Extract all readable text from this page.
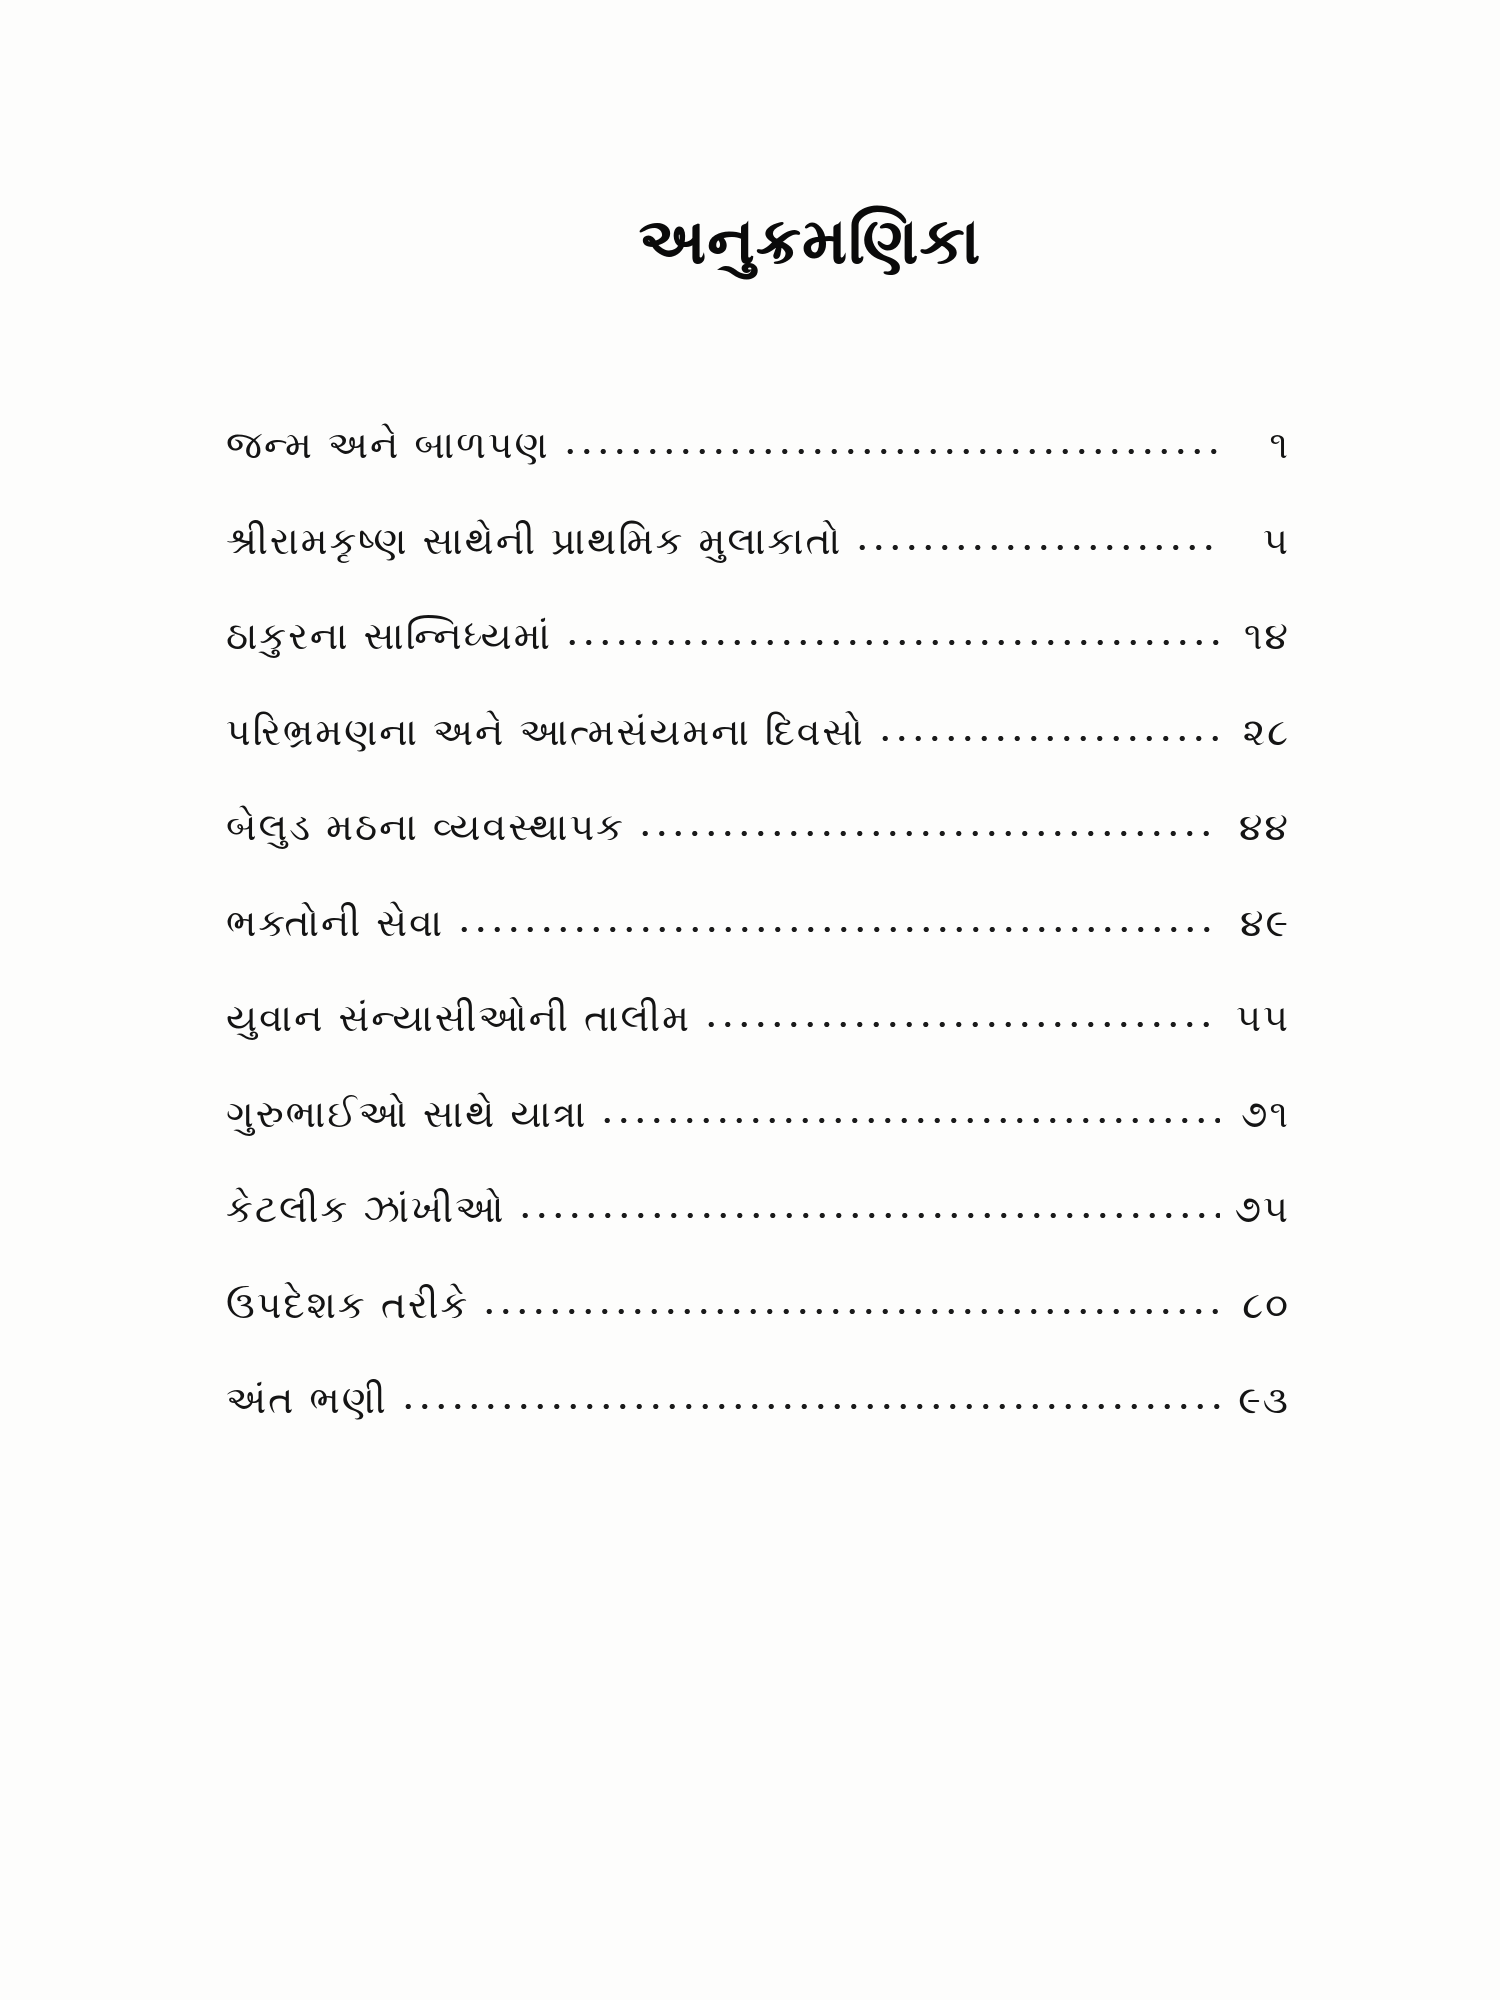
અનુક્રમણિકા
જન્મ અને બાળપણ	૧
શ્રીરામકૃષ્ણ સાથેની પ્રાથમિક મુલાકાતો	૫
ઠાકુરના સાન્નિધ્યમાં	૧૪
પરિભ્રમણના અને આત્મસંયમના દિવસો	૨૮
બેલુડ મઠના વ્યવસ્થાપક	૪૪
ભક્તોની સેવા	૪૯
યુવાન સંન્યાસીઓની તાલીમ	૫૫
ગુરુભાઈઓ સાથે યાત્રા	૭૧
કેટલીક ઝાંખીઓ	૭૫
ઉપદેશક તરીકે	૮૦
અંત ભણી	૯૩
